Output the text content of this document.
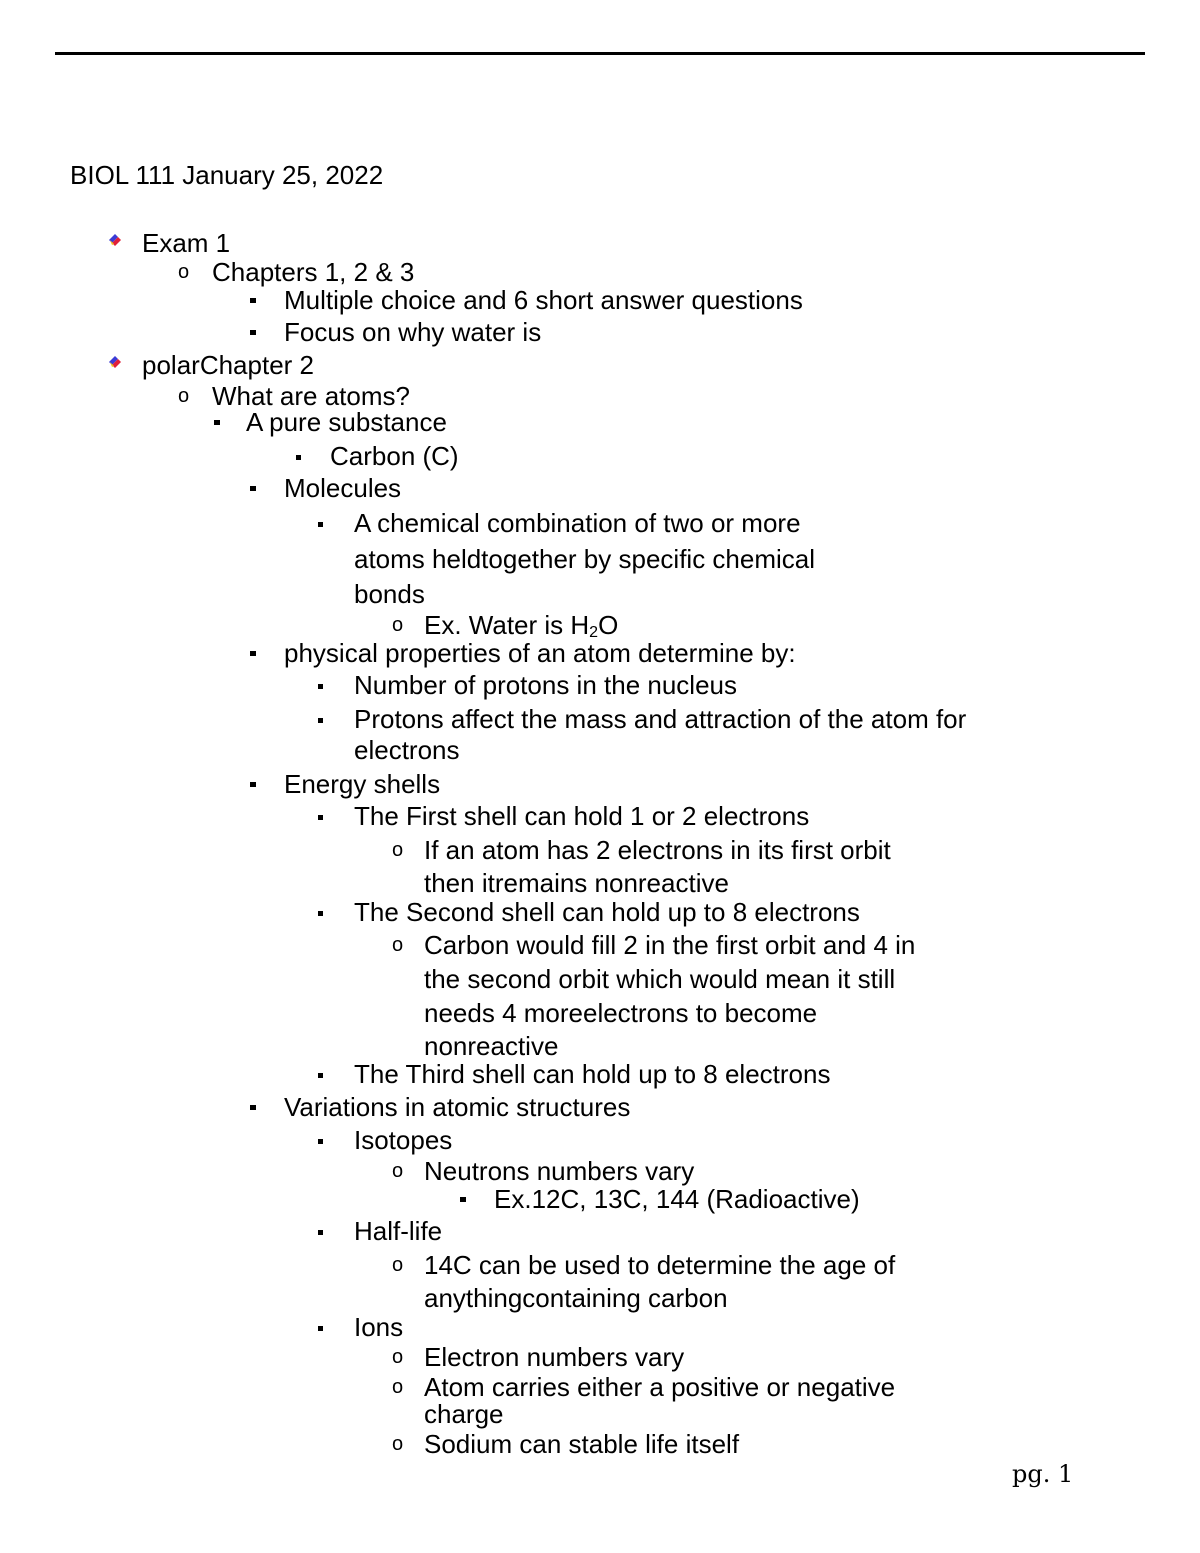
BIOL 111 January 25, 2022
Exam 1
o Chapters 1, 2 & 3
Multiple choice and 6 short answer questions
Focus on why water is
polarChapter 2
o What are atoms?
A pure substance
Carbon (C)
Molecules
A chemical combination of two or more
atoms heldtogether by specific chemical
bonds
o Ex. Water is H2O
physical properties of an atom determine by:
Number of protons in the nucleus
Protons affect the mass and attraction of the atom for
electrons
Energy shells
The First shell can hold 1 or 2 electrons
o If an atom has 2 electrons in its first orbit
then itremains nonreactive
The Second shell can hold up to 8 electrons
o Carbon would fill 2 in the first orbit and 4 in
the second orbit which would mean it still
needs 4 moreelectrons to become
nonreactive
The Third shell can hold up to 8 electrons
Variations in atomic structures
Isotopes
o Neutrons numbers vary
Ex.12C, 13C, 144 (Radioactive)
Half-life
o 14C can be used to determine the age of
anythingcontaining carbon
Ions
o Electron numbers vary
o Atom carries either a positive or negative
charge
o Sodium can stable life itself
pg. 1
